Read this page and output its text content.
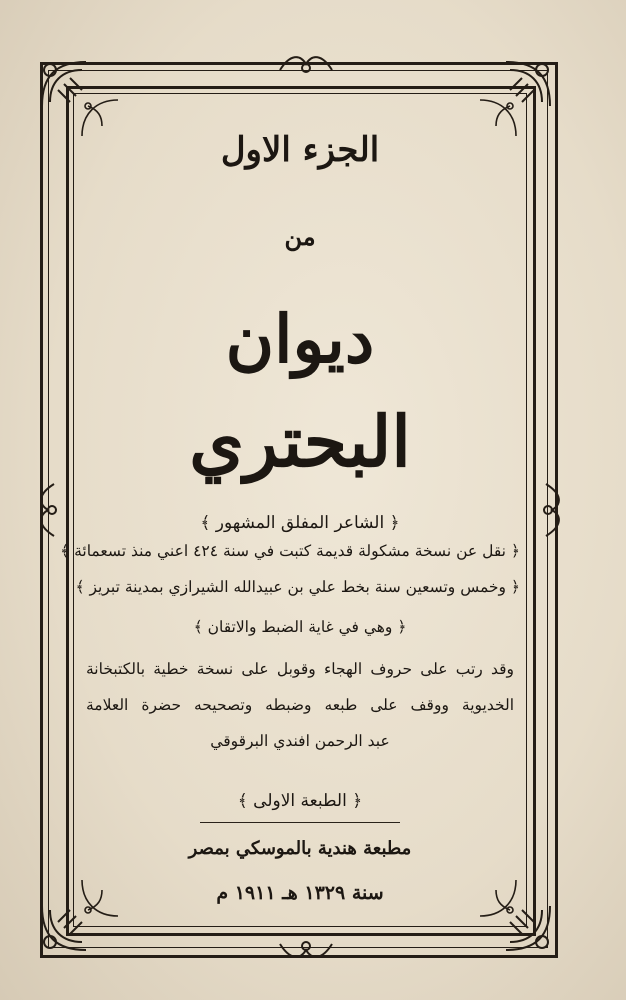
الجزء الاول
من
ديوان
البحتري
﴿ الشاعر المفلق المشهور ﴾
﴿ نقل عن نسخة مشكولة قديمة كتبت في سنة ٤٢٤ اعني منذ تسعمائة ﴾
﴿ وخمس وتسعين سنة بخط علي بن عبيدالله الشيرازي بمدينة تبريز ﴾
﴿ وهي في غاية الضبط والاتقان ﴾
وقد رتب على حروف الهجاء وقوبل على نسخة خطية بالكتبخانة
الخديوية ووقف على طبعه وضبطه وتصحيحه حضرة العلامة
عبد الرحمن افندي البرقوقي
﴿ الطبعة الاولى ﴾
مطبعة هندية بالموسكي بمصر
سنة ١٣٢٩ هـ ١٩١١ م
